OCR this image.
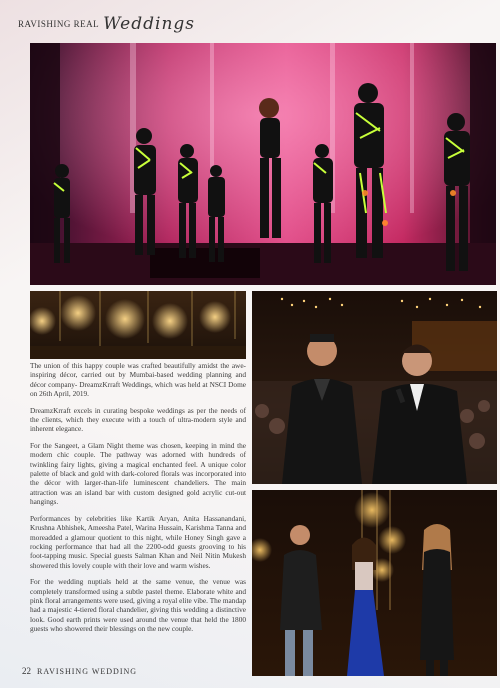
RAVISHING REAL Weddings

The union of this happy couple was crafted beautifully amidst the awe-inspiring décor, carried out by Mumbai-based wedding planning and décor company- DreamzKrraft Weddings, which was held at NSCI Dome on 26th April, 2019.

DreamzKrraft excels in curating bespoke weddings as per the needs of the clients, which they execute with a touch of ultra-modern style and inherent elegance.

For the Sangeet, a Glam Night theme was chosen, keeping in mind the modern chic couple. The pathway was adorned with hundreds of twinkling fairy lights, giving a magical enchanted feel. A unique color palette of black and gold with dark-colored florals was incorporated into the décor with larger-than-life luminescent chandeliers. The main attraction was an island bar with custom designed gold acrylic cut-out hangings.

Performances by celebrities like Kartik Aryan, Anita Hassanandani, Krushna Abhishek, Ameesha Patel, Warina Hussain, Karishma Tanna and moreadded a glamour quotient to this night, while Honey Singh gave a rocking performance that had all the 2200-odd guests grooving to his foot-tapping music. Special guests Salman Khan and Neil Nitin Mukesh showered this lovely couple with their love and warm wishes.

For the wedding nuptials held at the same venue, the venue was completely transformed using a subtle pastel theme. Elaborate white and pink floral arrangements were used, giving a royal elite vibe. The mandap had a majestic 4-tiered floral chandelier, giving this wedding a distinctive look. Good earth prints were used around the venue that held the 1800 guests who showered their blessings on the new couple.

22 RAVISHING WEDDING
